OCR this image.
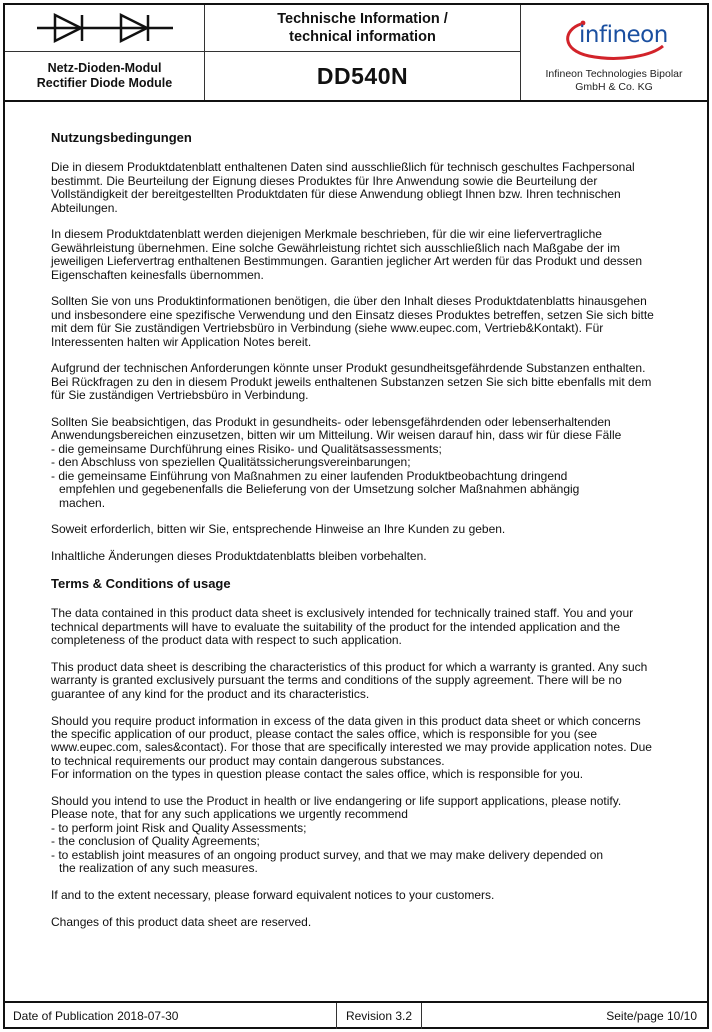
Netz-Dioden-Modul
Rectifier Diode Module
Technische Information /
technical information
DD540N
infineon
Infineon Technologies Bipolar
GmbH & Co. KG
Nutzungsbedingungen
Die in diesem Produktdatenblatt enthaltenen Daten sind ausschließlich für technisch geschultes Fachpersonal
bestimmt. Die Beurteilung der Eignung dieses Produktes für Ihre Anwendung sowie die Beurteilung der
Vollständigkeit der bereitgestellten Produktdaten für diese Anwendung obliegt Ihnen bzw. Ihren technischen
Abteilungen.
In diesem Produktdatenblatt werden diejenigen Merkmale beschrieben, für die wir eine liefervertragliche
Gewährleistung übernehmen. Eine solche Gewährleistung richtet sich ausschließlich nach Maßgabe der im
jeweiligen Liefervertrag enthaltenen Bestimmungen. Garantien jeglicher Art werden für das Produkt und dessen
Eigenschaften keinesfalls übernommen.
Sollten Sie von uns Produktinformationen benötigen, die über den Inhalt dieses Produktdatenblatts hinausgehen
und insbesondere eine spezifische Verwendung und den Einsatz dieses Produktes betreffen, setzen Sie sich bitte
mit dem für Sie zuständigen Vertriebsbüro in Verbindung (siehe www.eupec.com, Vertrieb&Kontakt). Für
Interessenten halten wir Application Notes bereit.
Aufgrund der technischen Anforderungen könnte unser Produkt gesundheitsgefährdende Substanzen enthalten.
Bei Rückfragen zu den in diesem Produkt jeweils enthaltenen Substanzen setzen Sie sich bitte ebenfalls mit dem
für Sie zuständigen Vertriebsbüro in Verbindung.
Sollten Sie beabsichtigen, das Produkt in gesundheits- oder lebensgefährdenden oder lebenserhaltenden
Anwendungsbereichen einzusetzen, bitten wir um Mitteilung. Wir weisen darauf hin, dass wir für diese Fälle
- die gemeinsame Durchführung eines Risiko- und Qualitätsassessments;
- den Abschluss von speziellen Qualitätssicherungsvereinbarungen;
- die gemeinsame Einführung von Maßnahmen zu einer laufenden Produktbeobachtung dringend
empfehlen und gegebenenfalls die Belieferung von der Umsetzung solcher Maßnahmen abhängig
machen.
Soweit erforderlich, bitten wir Sie, entsprechende Hinweise an Ihre Kunden zu geben.
Inhaltliche Änderungen dieses Produktdatenblatts bleiben vorbehalten.
Terms & Conditions of usage
The data contained in this product data sheet is exclusively intended for technically trained staff. You and your
technical departments will have to evaluate the suitability of the product for the intended application and the
completeness of the product data with respect to such application.
This product data sheet is describing the characteristics of this product for which a warranty is granted. Any such
warranty is granted exclusively pursuant the terms and conditions of the supply agreement. There will be no
guarantee of any kind for the product and its characteristics.
Should you require product information in excess of the data given in this product data sheet or which concerns
the specific application of our product, please contact the sales office, which is responsible for you (see
www.eupec.com, sales&contact). For those that are specifically interested we may provide application notes. Due
to technical requirements our product may contain dangerous substances.
For information on the types in question please contact the sales office, which is responsible for you.
Should you intend to use the Product in health or live endangering or life support applications, please notify.
Please note, that for any such applications we urgently recommend
- to perform joint Risk and Quality Assessments;
- the conclusion of Quality Agreements;
- to establish joint measures of an ongoing product survey, and that we may make delivery depended on
the realization of any such measures.
If and to the extent necessary, please forward equivalent notices to your customers.
Changes of this product data sheet are reserved.
Date of Publication 2018-07-30	Revision 3.2	Seite/page 10/10
